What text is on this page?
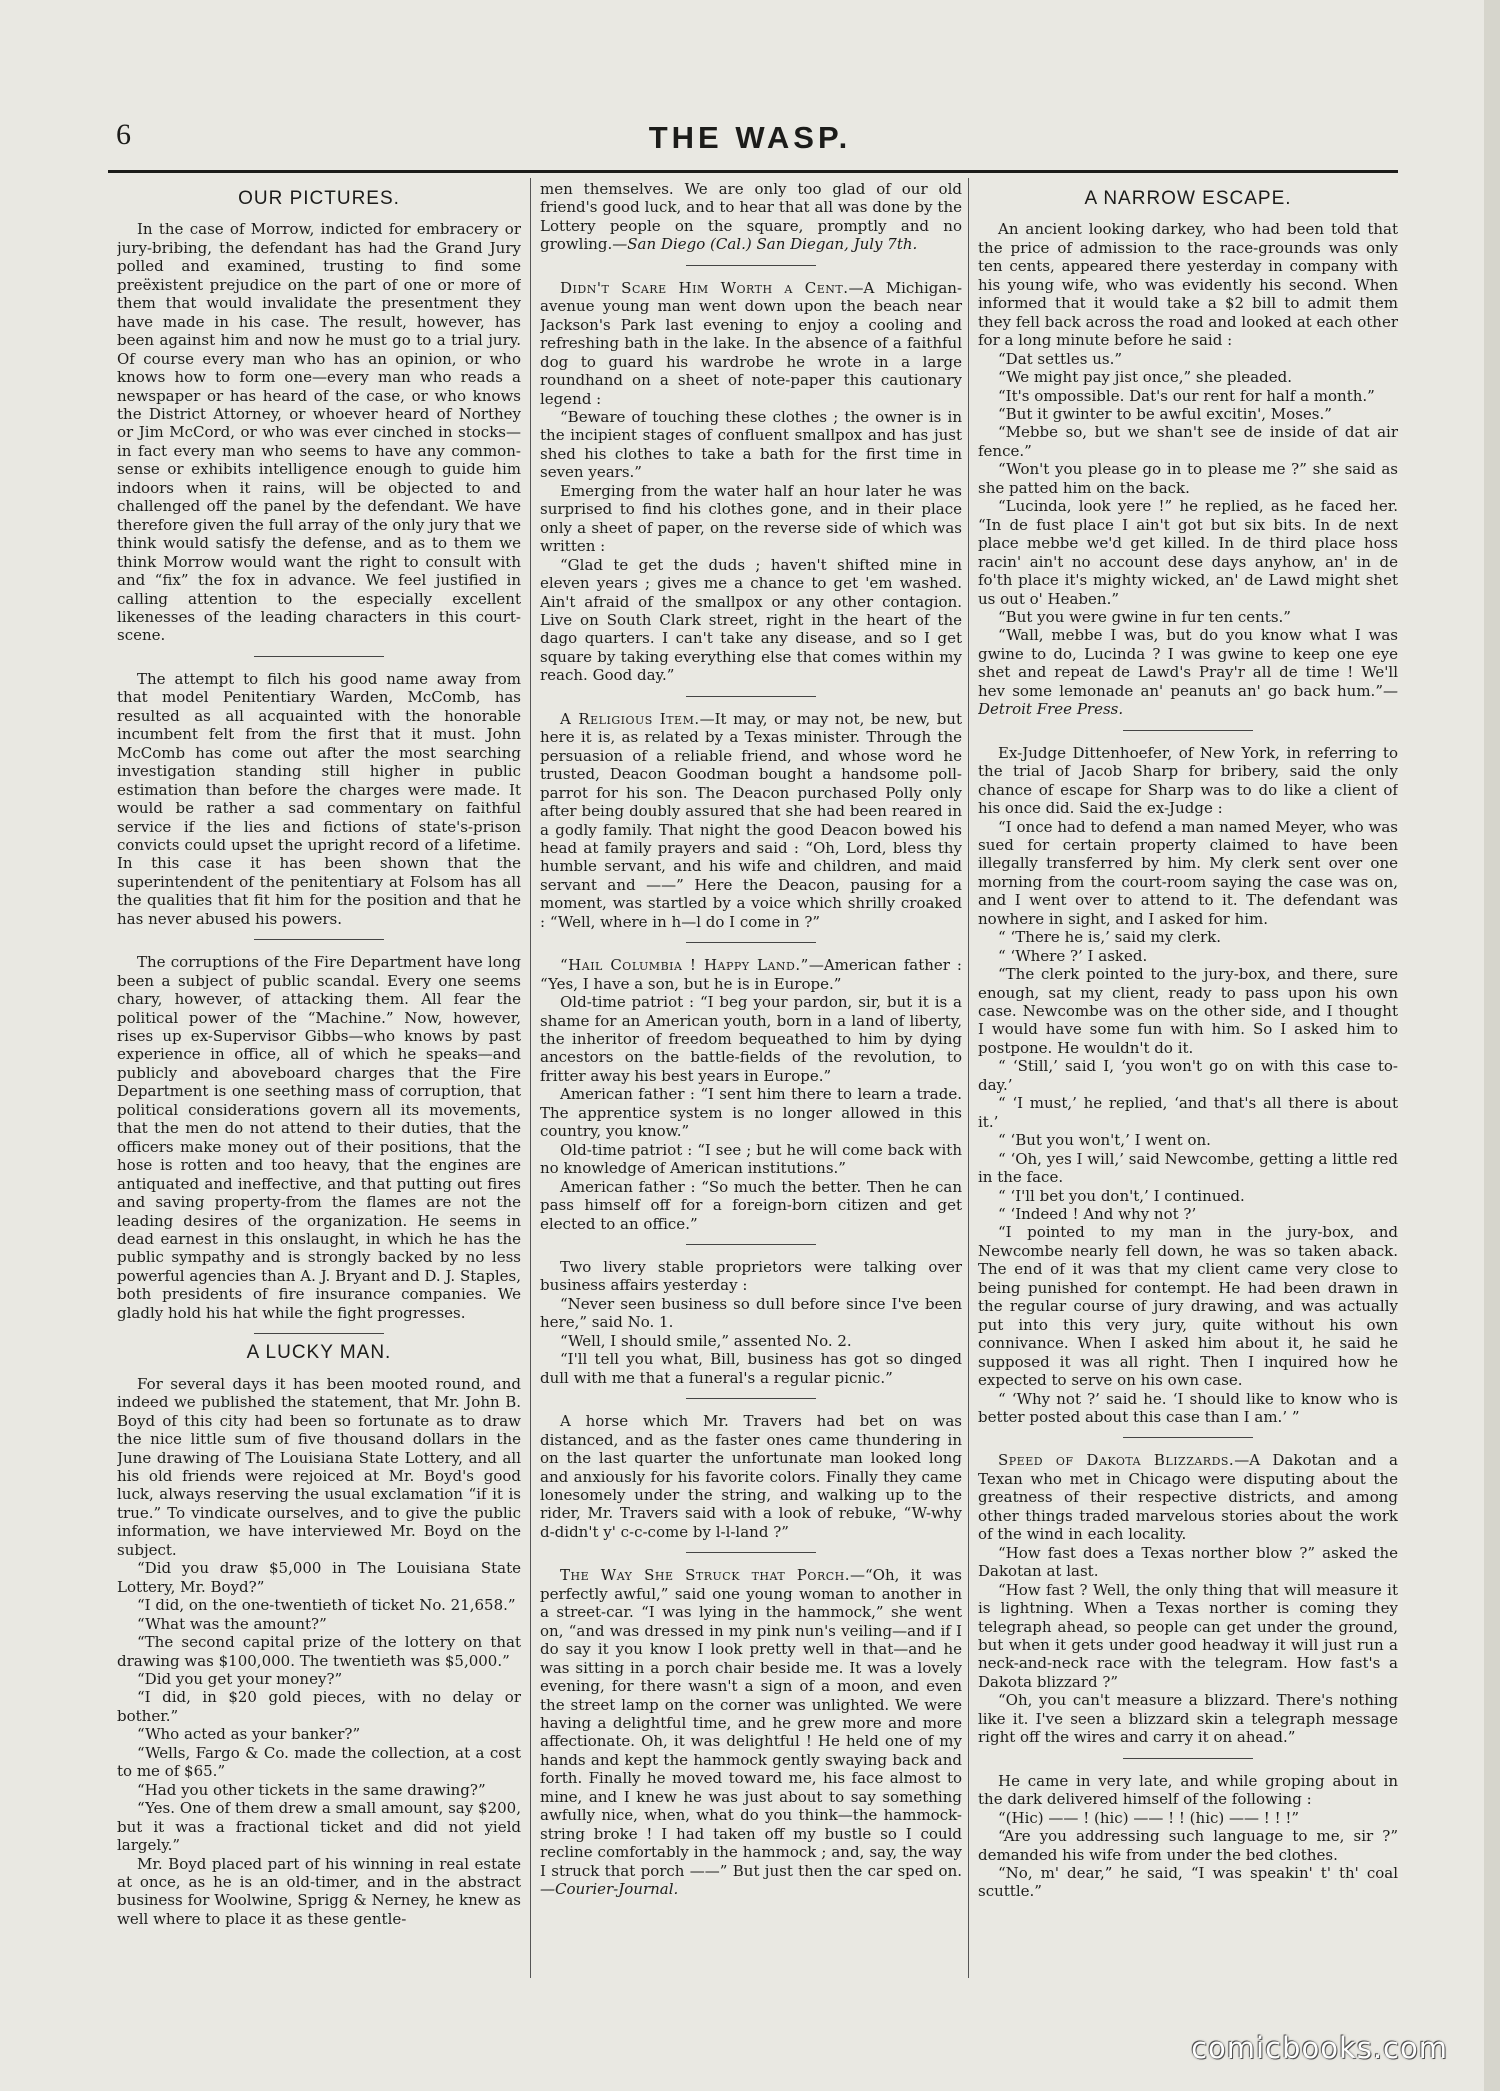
6	THE WASP.
OUR PICTURES.

In the case of Morrow, indicted for embracery or jury-bribing, the defendant has had the Grand Jury polled and examined, trusting to find some preëxistent prejudice on the part of one or more of them that would invalidate the presentment they have made in his case. The result, however, has been against him and now he must go to a trial jury. Of course every man who has an opinion, or who knows how to form one—every man who reads a newspaper or has heard of the case, or who knows the District Attorney, or whoever heard of Northey or Jim McCord, or who was ever cinched in stocks—in fact every man who seems to have any common-sense or exhibits intelligence enough to guide him indoors when it rains, will be objected to and challenged off the panel by the defendant. We have therefore given the full array of the only jury that we think would satisfy the defense, and as to them we think Morrow would want the right to consult with and “fix” the fox in advance. We feel justified in calling attention to the especially excellent likenesses of the leading characters in this court-scene.

The attempt to filch his good name away from that model Penitentiary Warden, McComb, has resulted as all acquainted with the honorable incumbent felt from the first that it must. John McComb has come out after the most searching investigation standing still higher in public estimation than before the charges were made. It would be rather a sad commentary on faithful service if the lies and fictions of state's-prison convicts could upset the upright record of a lifetime. In this case it has been shown that the superintendent of the penitentiary at Folsom has all the qualities that fit him for the position and that he has never abused his powers.

The corruptions of the Fire Department have long been a subject of public scandal. Every one seems chary, however, of attacking them. All fear the political power of the “Machine.” Now, however, rises up ex-Supervisor Gibbs—who knows by past experience in office, all of which he speaks—and publicly and aboveboard charges that the Fire Department is one seething mass of corruption, that political considerations govern all its movements, that the men do not attend to their duties, that the officers make money out of their positions, that the hose is rotten and too heavy, that the engines are antiquated and ineffective, and that putting out fires and saving property-from the flames are not the leading desires of the organization. He seems in dead earnest in this onslaught, in which he has the public sympathy and is strongly backed by no less powerful agencies than A. J. Bryant and D. J. Staples, both presidents of fire insurance companies. We gladly hold his hat while the fight progresses.

A LUCKY MAN.

For several days it has been mooted round, and indeed we published the statement, that Mr. John B. Boyd of this city had been so fortunate as to draw the nice little sum of five thousand dollars in the June drawing of The Louisiana State Lottery, and all his old friends were rejoiced at Mr. Boyd's good luck, always reserving the usual exclamation “if it is true.” To vindicate ourselves, and to give the public information, we have interviewed Mr. Boyd on the subject.

“Did you draw $5,000 in The Louisiana State Lottery, Mr. Boyd?”

“I did, on the one-twentieth of ticket No. 21,658.”

“What was the amount?”

“The second capital prize of the lottery on that drawing was $100,000. The twentieth was $5,000.”

“Did you get your money?”

“I did, in $20 gold pieces, with no delay or bother.”

“Who acted as your banker?”

“Wells, Fargo & Co. made the collection, at a cost to me of $65.”

“Had you other tickets in the same drawing?”

“Yes. One of them drew a small amount, say $200, but it was a fractional ticket and did not yield largely.”

Mr. Boyd placed part of his winning in real estate at once, as he is an old-timer, and in the abstract business for Woolwine, Sprigg & Nerney, he knew as well where to place it as these gentle-

men themselves. We are only too glad of our old friend's good luck, and to hear that all was done by the Lottery people on the square, promptly and no growling.—San Diego (Cal.) San Diegan, July 7th.

Didn't Scare Him Worth a Cent.—A Michigan-avenue young man went down upon the beach near Jackson's Park last evening to enjoy a cooling and refreshing bath in the lake. In the absence of a faithful dog to guard his wardrobe he wrote in a large roundhand on a sheet of note-paper this cautionary legend :

“Beware of touching these clothes ; the owner is in the incipient stages of confluent smallpox and has just shed his clothes to take a bath for the first time in seven years.”

Emerging from the water half an hour later he was surprised to find his clothes gone, and in their place only a sheet of paper, on the reverse side of which was written :

“Glad te get the duds ; haven't shifted mine in eleven years ; gives me a chance to get 'em washed. Ain't afraid of the smallpox or any other contagion. Live on South Clark street, right in the heart of the dago quarters. I can't take any disease, and so I get square by taking everything else that comes within my reach. Good day.”

A Religious Item.—It may, or may not, be new, but here it is, as related by a Texas minister. Through the persuasion of a reliable friend, and whose word he trusted, Deacon Goodman bought a handsome poll-parrot for his son. The Deacon purchased Polly only after being doubly assured that she had been reared in a godly family. That night the good Deacon bowed his head at family prayers and said : “Oh, Lord, bless thy humble servant, and his wife and children, and maid servant and ——” Here the Deacon, pausing for a moment, was startled by a voice which shrilly croaked : “Well, where in h—l do I come in ?”

“Hail Columbia ! Happy Land.”—American father : “Yes, I have a son, but he is in Europe.”

Old-time patriot : “I beg your pardon, sir, but it is a shame for an American youth, born in a land of liberty, the inheritor of freedom bequeathed to him by dying ancestors on the battle-fields of the revolution, to fritter away his best years in Europe.”

American father : “I sent him there to learn a trade. The apprentice system is no longer allowed in this country, you know.”

Old-time patriot : “I see ; but he will come back with no knowledge of American institutions.”

American father : “So much the better. Then he can pass himself off for a foreign-born citizen and get elected to an office.”

Two livery stable proprietors were talking over business affairs yesterday :

“Never seen business so dull before since I've been here,” said No. 1.

“Well, I should smile,” assented No. 2.

“I'll tell you what, Bill, business has got so dinged dull with me that a funeral's a regular picnic.”

A horse which Mr. Travers had bet on was distanced, and as the faster ones came thundering in on the last quarter the unfortunate man looked long and anxiously for his favorite colors. Finally they came lonesomely under the string, and walking up to the rider, Mr. Travers said with a look of rebuke, “W-why d-didn't y' c-c-come by l-l-land ?”

The Way She Struck that Porch.—“Oh, it was perfectly awful,” said one young woman to another in a street-car. “I was lying in the hammock,” she went on, “and was dressed in my pink nun's veiling—and if I do say it you know I look pretty well in that—and he was sitting in a porch chair beside me. It was a lovely evening, for there wasn't a sign of a moon, and even the street lamp on the corner was unlighted. We were having a delightful time, and he grew more and more affectionate. Oh, it was delightful ! He held one of my hands and kept the hammock gently swaying back and forth. Finally he moved toward me, his face almost to mine, and I knew he was just about to say something awfully nice, when, what do you think—the hammock-string broke ! I had taken off my bustle so I could recline comfortably in the hammock ; and, say, the way I struck that porch ——” But just then the car sped on.—Courier-Journal.

A NARROW ESCAPE.

An ancient looking darkey, who had been told that the price of admission to the race-grounds was only ten cents, appeared there yesterday in company with his young wife, who was evidently his second. When informed that it would take a $2 bill to admit them they fell back across the road and looked at each other for a long minute before he said :

“Dat settles us.”

“We might pay jist once,” she pleaded.

“It's ompossible. Dat's our rent for half a month.”

“But it gwinter to be awful excitin', Moses.”

“Mebbe so, but we shan't see de inside of dat air fence.”

“Won't you please go in to please me ?” she said as she patted him on the back.

“Lucinda, look yere !” he replied, as he faced her. “In de fust place I ain't got but six bits. In de next place mebbe we'd get killed. In de third place hoss racin' ain't no account dese days anyhow, an' in de fo'th place it's mighty wicked, an' de Lawd might shet us out o' Heaben.”

“But you were gwine in fur ten cents.”

“Wall, mebbe I was, but do you know what I was gwine to do, Lucinda ? I was gwine to keep one eye shet and repeat de Lawd's Pray'r all de time ! We'll hev some lemonade an' peanuts an' go back hum.”—Detroit Free Press.

Ex-Judge Dittenhoefer, of New York, in referring to the trial of Jacob Sharp for bribery, said the only chance of escape for Sharp was to do like a client of his once did. Said the ex-Judge :

“I once had to defend a man named Meyer, who was sued for certain property claimed to have been illegally transferred by him. My clerk sent over one morning from the court-room saying the case was on, and I went over to attend to it. The defendant was nowhere in sight, and I asked for him.

“ ‘There he is,’ said my clerk.

“ ‘Where ?’ I asked.

“The clerk pointed to the jury-box, and there, sure enough, sat my client, ready to pass upon his own case. Newcombe was on the other side, and I thought I would have some fun with him. So I asked him to postpone. He wouldn't do it.

“ ‘Still,’ said I, ‘you won't go on with this case to-day.’

“ ‘I must,’ he replied, ‘and that's all there is about it.’

“ ‘But you won't,’ I went on.

“ ‘Oh, yes I will,’ said Newcombe, getting a little red in the face.

“ ‘I'll bet you don't,’ I continued.

“ ‘Indeed ! And why not ?’

“I pointed to my man in the jury-box, and Newcombe nearly fell down, he was so taken aback. The end of it was that my client came very close to being punished for contempt. He had been drawn in the regular course of jury drawing, and was actually put into this very jury, quite without his own connivance. When I asked him about it, he said he supposed it was all right. Then I inquired how he expected to serve on his own case.

“ ‘Why not ?’ said he. ‘I should like to know who is better posted about this case than I am.’ ”

Speed of Dakota Blizzards.—A Dakotan and a Texan who met in Chicago were disputing about the greatness of their respective districts, and among other things traded marvelous stories about the work of the wind in each locality.

“How fast does a Texas norther blow ?” asked the Dakotan at last.

“How fast ? Well, the only thing that will measure it is lightning. When a Texas norther is coming they telegraph ahead, so people can get under the ground, but when it gets under good headway it will just run a neck-and-neck race with the telegram. How fast's a Dakota blizzard ?”

“Oh, you can't measure a blizzard. There's nothing like it. I've seen a blizzard skin a telegraph message right off the wires and carry it on ahead.”

He came in very late, and while groping about in the dark delivered himself of the following :

“(Hic) —— ! (hic) —— ! ! (hic) —— ! ! !”

“Are you addressing such language to me, sir ?” demanded his wife from under the bed clothes.

“No, m' dear,” he said, “I was speakin' t' th' coal scuttle.”

comicbooks.com
